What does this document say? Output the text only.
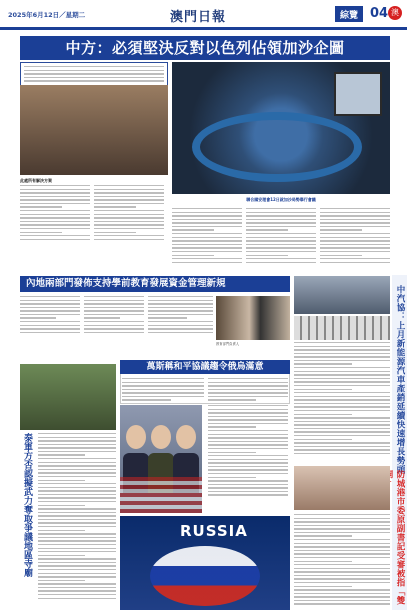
2025年6月12日／星期二	澳門日報	綜覽 04 澳
中方：必須堅決反對以色列佔領加沙企圖
此處所有解決方案
聯合國安理會12日就加沙局勢舉行會議
中汽協：上月新能源汽車產銷延續快速增長勢頭
防城港市委原副書記受審被指「雙
內地兩部門發佈支持學前教育發展資金管理新規
教育部門負責人
萬斯稱和平協議趨令俄烏滿意
RUSSIA
泰軍方否認擬武力奪取爭議地區寺廟
